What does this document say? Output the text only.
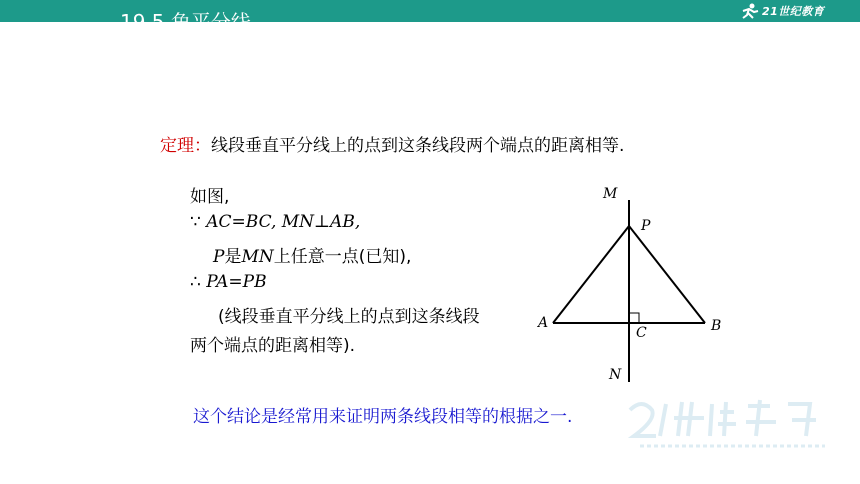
19.5 角平分线	21世纪教育
定理：线段垂直平分线上的点到这条线段两个端点的距离相等.
如图,
∵ AC=BC, MN⊥AB,
P是MN上任意一点(已知),
∴ PA=PB
(线段垂直平分线上的点到这条线段
两个端点的距离相等).
M
P
A	B
C
N
这个结论是经常用来证明两条线段相等的根据之一.
